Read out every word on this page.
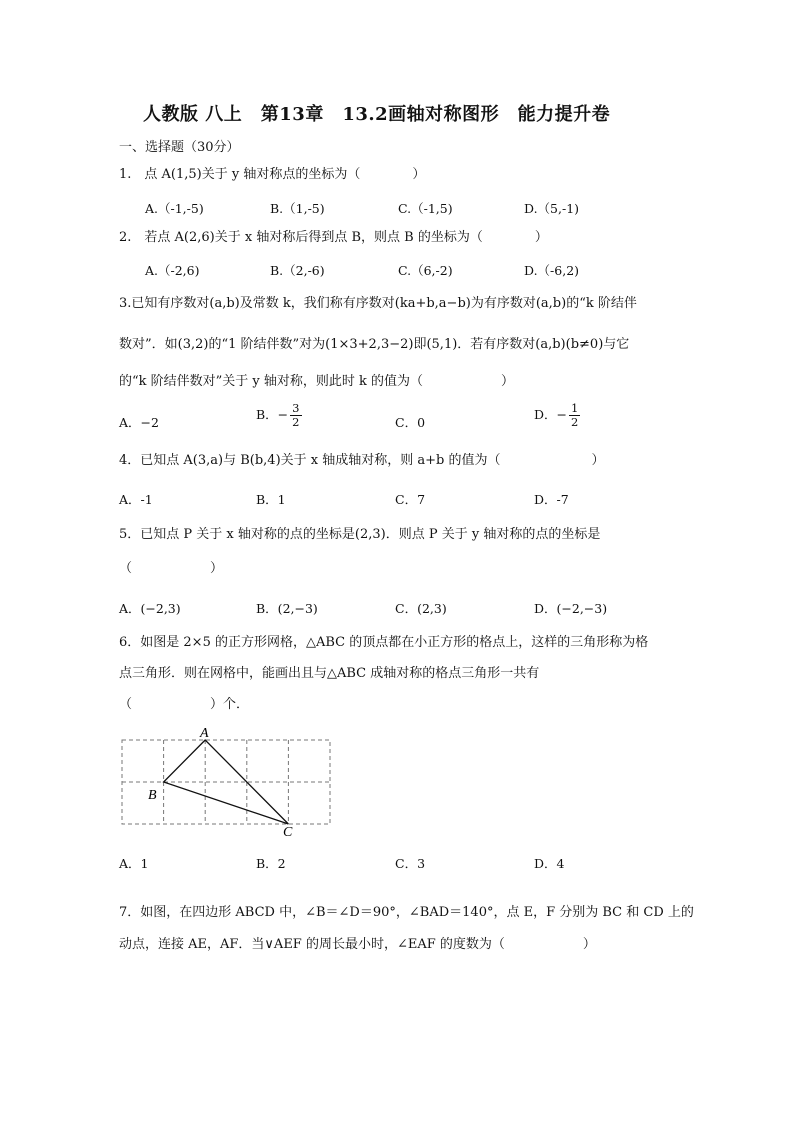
人教版 八上　第13章　13.2画轴对称图形　能力提升卷
一、选择题（30分）
1.　点 A(1,5)关于 y 轴对称点的坐标为（　　　　）
A.（-1,-5)	B.（1,-5)	C.（-1,5)	D.（5,-1)
2.　若点 A(2,6)关于 x 轴对称后得到点 B，则点 B 的坐标为（　　　　）
A.（-2,6)	B.（2,-6)	C.（6,-2)	D.（-6,2)
3.已知有序数对(a,b)及常数 k，我们称有序数对(ka+b,a−b)为有序数对(a,b)的“k 阶结伴
数对”．如(3,2)的“1 阶结伴数”对为(1×3+2,3−2)即(5,1)．若有序数对(a,b)(b≠0)与它
的“k 阶结伴数对”关于 y 轴对称，则此时 k 的值为（　　　　　　）
A．−2
B．− $\frac{3}{2}$	C．0
D．− $\frac{1}{2}$
4．已知点 A(3,a)与 B(b,4)关于 x 轴成轴对称，则 a+b 的值为（　　　　　　　）
A．-1	B．1	C．7	D．-7
5．已知点 P 关于 x 轴对称的点的坐标是(2,3)．则点 P 关于 y 轴对称的点的坐标是
（　　　　　　）
A．(−2,3)	B．(2,−3)	C．(2,3)	D．(−2,−3)
6．如图是 2×5 的正方形网格，△ABC 的顶点都在小正方形的格点上，这样的三角形称为格
点三角形．则在网格中，能画出且与△ABC 成轴对称的格点三角形一共有
（　　　　　　）个．
A
B
C
A．1	B．2	C．3	D．4
7．如图，在四边形 ABCD 中，∠B＝∠D＝90°，∠BAD＝140°，点 E，F 分别为 BC 和 CD 上的
动点，连接 AE，AF．当∨AEF 的周长最小时，∠EAF 的度数为（　　　　　　）
